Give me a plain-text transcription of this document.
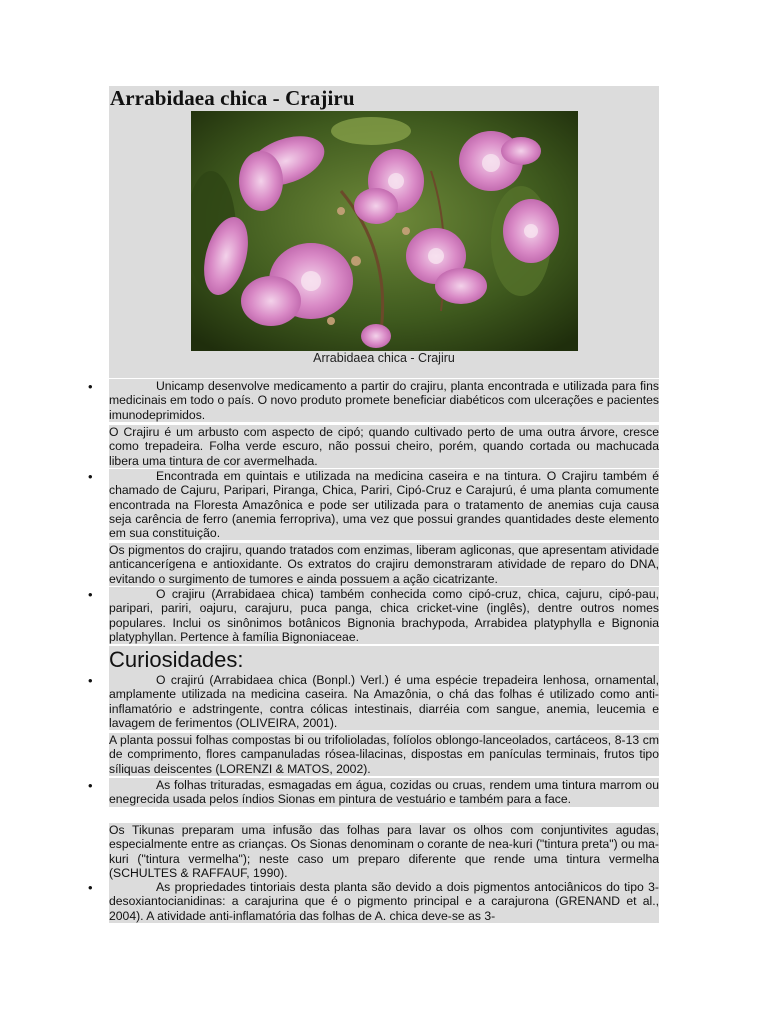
Arrabidaea chica - Crajiru
Arrabidaea chica - Crajiru
•	Unicamp desenvolve medicamento a partir do crajiru, planta encontrada e utilizada para fins medicinais em todo o país. O novo produto promete beneficiar diabéticos com ulcerações e pacientes imunodeprimidos.
O Crajiru é um arbusto com aspecto de cipó; quando cultivado perto de uma outra árvore, cresce como trepadeira. Folha verde escuro, não possui cheiro, porém, quando cortada ou machucada libera uma tintura de cor avermelhada.
•	Encontrada em quintais e utilizada na medicina caseira e na tintura. O Crajiru também é chamado de Cajuru, Paripari, Piranga, Chica, Pariri, Cipó-Cruz e Carajurú, é uma planta comumente encontrada na Floresta Amazônica e pode ser utilizada para o tratamento de anemias cuja causa seja carência de ferro (anemia ferropriva), uma vez que possui grandes quantidades deste elemento em sua constituição.
Os pigmentos do crajiru, quando tratados com enzimas, liberam agliconas, que apresentam atividade anticancerígena e antioxidante. Os extratos do crajiru demonstraram atividade de reparo do DNA, evitando o surgimento de tumores e ainda possuem a ação cicatrizante.
•	O crajiru (Arrabidaea chica) também conhecida como cipó-cruz, chica, cajuru, cipó-pau, paripari, pariri, oajuru, carajuru, puca panga, chica cricket-vine (inglês), dentre outros nomes populares. Inclui os sinônimos botânicos Bignonia brachypoda, Arrabidea platyphylla e Bignonia platyphyllan. Pertence à família Bignoniaceae.
Curiosidades:
•	O crajirú (Arrabidaea chica (Bonpl.) Verl.) é uma espécie trepadeira lenhosa, ornamental, amplamente utilizada na medicina caseira. Na Amazônia, o chá das folhas é utilizado como anti-inflamatório e adstringente, contra cólicas intestinais, diarréia com sangue, anemia, leucemia e lavagem de ferimentos (OLIVEIRA, 2001).
A planta possui folhas compostas bi ou trifolioladas, folíolos oblongo-lanceolados, cartáceos, 8-13 cm de comprimento, flores campanuladas rósea-lilacinas, dispostas em panículas terminais, frutos tipo síliquas deiscentes (LORENZI & MATOS, 2002).
•	As folhas trituradas, esmagadas em água, cozidas ou cruas, rendem uma tintura marrom ou enegrecida usada pelos índios Sionas em pintura de vestuário e também para a face.
Os Tikunas preparam uma infusão das folhas para lavar os olhos com conjuntivites agudas, especialmente entre as crianças. Os Sionas denominam o corante de nea-kuri ("tintura preta") ou ma-kuri ("tintura vermelha"); neste caso um preparo diferente que rende uma tintura vermelha (SCHULTES & RAFFAUF, 1990).
•	As propriedades tintoriais desta planta são devido a dois pigmentos antociânicos do tipo 3-desoxiantocianidinas: a carajurina que é o pigmento principal e a carajurona (GRENAND et al., 2004). A atividade anti-inflamatória das folhas de A. chica deve-se as 3-
